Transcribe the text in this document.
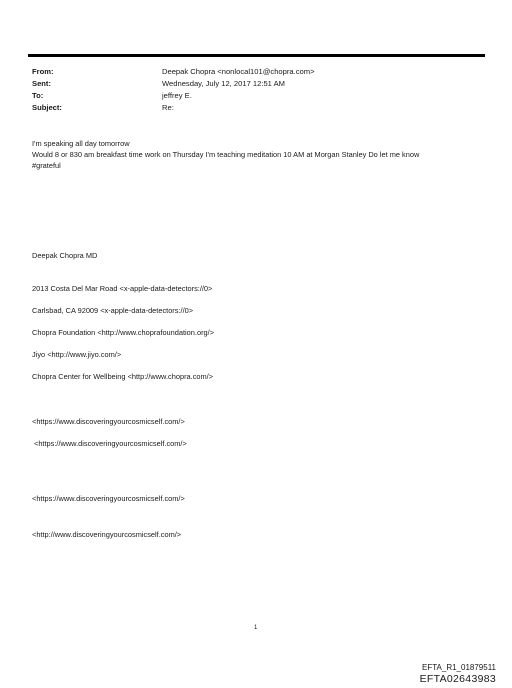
From:	Deepak Chopra <nonlocal101@chopra.com>
Sent:	Wednesday, July 12, 2017 12:51 AM
To:	jeffrey E.
Subject:	Re:
I'm speaking all day tomorrow
Would 8 or 830 am breakfast time work on Thursday I'm teaching meditation 10 AM at Morgan Stanley Do let me know
#grateful
Deepak Chopra MD
2013 Costa Del Mar Road <x-apple-data-detectors://0>
Carlsbad, CA 92009 <x-apple-data-detectors://0>
Chopra Foundation <http://www.choprafoundation.org/>
Jiyo <http://www.jiyo.com/>
Chopra Center for Wellbeing <http://www.chopra.com/>
<https://www.discoveringyourcosmicself.com/>
<https://www.discoveringyourcosmicself.com/>
<https://www.discoveringyourcosmicself.com/>
<http://www.discoveringyourcosmicself.com/>
1
EFTA_R1_01879511
EFTA02643983
